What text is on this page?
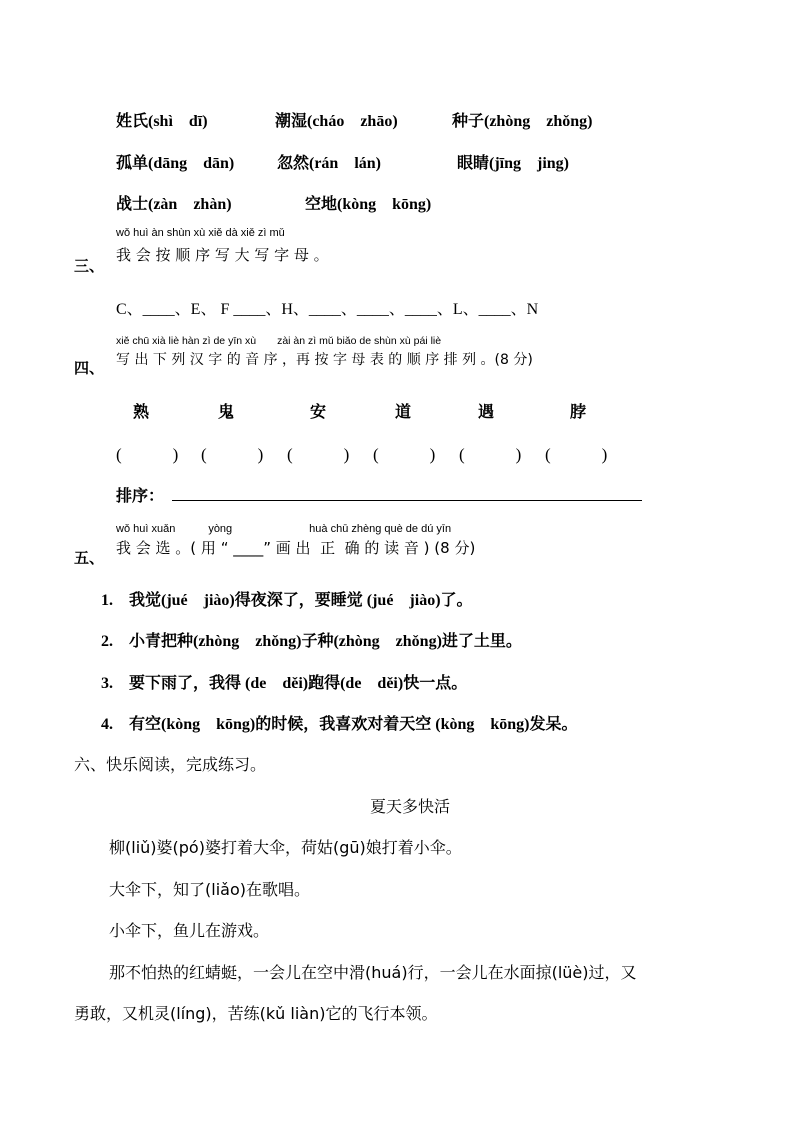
姓氏(shì　dī)	潮湿(cháo　zhāo)	种子(zhòng　zhǒng)
孤单(dāng　dān)	忽然(rán　lán)	眼睛(jīng　jing)
战士(zàn　zhàn)	空地(kòng　kōng)
wǒ huì àn shùn xù xiě dà xiě zì mǔ
三、
我 会 按 顺 序 写 大 写 字 母 。
C、____、E、 F ____、H、____、____、____、L、____、N
xiě chū xià liè hàn zì de yīn xù　　zài àn zì mǔ biǎo de shùn xù pái liè
四、 写 出 下 列 汉 字 的 音 序 ，再 按 字 母 表 的 顺 序 排 列 。(8 分)
熟	鬼	安	道	遇	脖
(　　　) (　　　) (　　　) (　　　) (　　　) (　　　)
排序：
wǒ huì xuǎn　　　yòng　　　　　　　huà chū zhèng què de dú yīn
五、
我 会 选 。( 用 “ ____” 画 出  正  确 的 读 音 ) (8 分)
1.　我觉(jué　jiào)得夜深了，要睡觉 (jué　jiào)了。
2.　小青把种(zhòng　zhǒng)子种(zhòng　zhǒng)进了土里。
3.　要下雨了，我得 (de　děi)跑得(de　děi)快一点。
4.　有空(kòng　kōng)的时候，我喜欢对着天空 (kòng　kōng)发呆。
六、快乐阅读，完成练习。
夏天多快活
柳(liǔ)婆(pó)婆打着大伞，荷姑(gū)娘打着小伞。
大伞下，知了(liǎo)在歌唱。
小伞下，鱼儿在游戏。
那不怕热的红蜻蜓，一会儿在空中滑(huá)行，一会儿在水面掠(lüè)过，又
勇敢，又机灵(líng)，苦练(kǔ liàn)它的飞行本领。
